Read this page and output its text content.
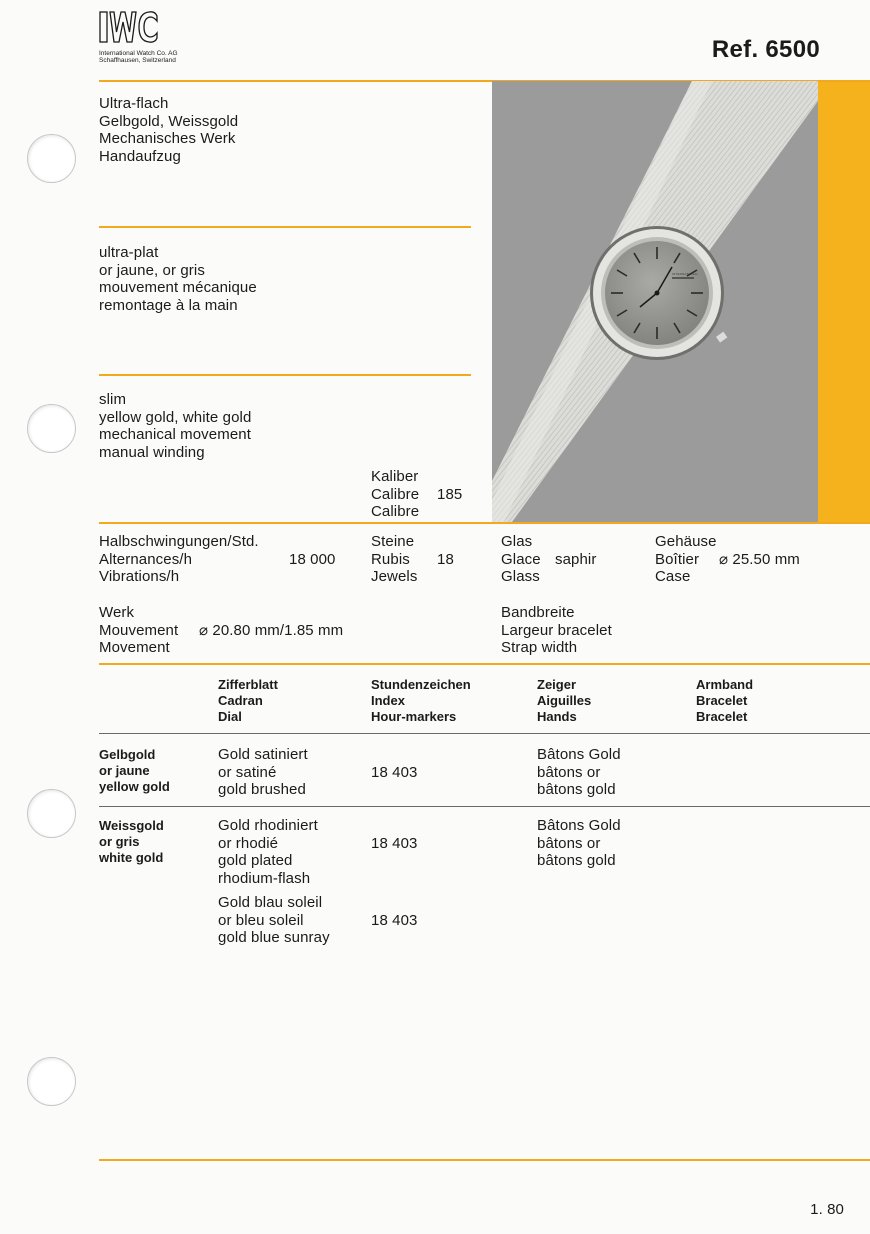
International Watch Co. AG
Schaffhausen, Switzerland	Ref. 6500
INTERNATIONAL
Ultra-flach
Gelbgold, Weissgold
Mechanisches Werk
Handaufzug
ultra-plat
or jaune, or gris
mouvement mécanique
remontage à la main
slim
yellow gold, white gold
mechanical movement
manual winding
Kaliber
Calibre
Calibre
185
Halbschwingungen/Std.
Alternances/h
Vibrations/h
18 000
Steine
Rubis
Jewels
18
Glas
Glace
Glass
saphir
Gehäuse
Boîtier
Case
⌀ 25.50 mm
Werk
Mouvement
Movement
⌀ 20.80 mm/1.85 mm
Bandbreite
Largeur bracelet
Strap width
Zifferblatt
Cadran
Dial
Stundenzeichen
Index
Hour-markers
Zeiger
Aiguilles
Hands
Armband
Bracelet
Bracelet
Gelbgold
or jaune
yellow gold
Gold satiniert
or satiné
gold brushed
18 403
Bâtons Gold
bâtons or
bâtons gold
Weissgold
or gris
white gold
Gold rhodiniert
or rhodié
gold plated
rhodium-flash
18 403
Bâtons Gold
bâtons or
bâtons gold
Gold blau soleil
or bleu soleil
gold blue sunray
18 403
1. 80
